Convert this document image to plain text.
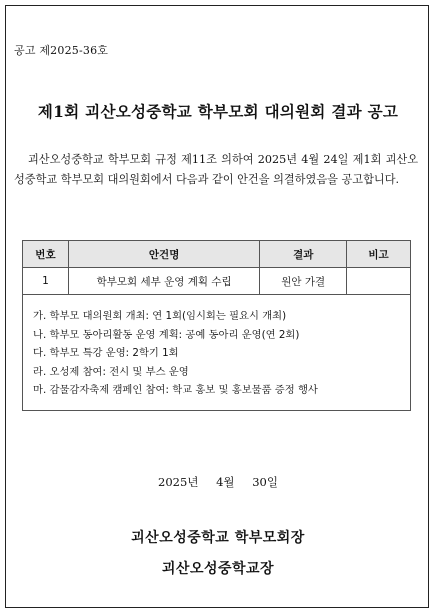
공고 제2025-36호
제1회 괴산오성중학교 학부모회 대의원회 결과 공고
괴산오성중학교 학부모회 규정 제11조 의하여 2025년 4월 24일 제1회 괴산오성중학교 학부모회 대의원회에서 다음과 같이 안건을 의결하였음을 공고합니다.
번호	안건명	결과	비고
1	학부모회 세부 운영 계획 수립	원안 가결	

가. 학부모 대의원회 개최: 연 1회(임시회는 필요시 개최)
나. 학부모 동아리활동 운영 계획: 공예 동아리 운영(연 2회)
다. 학부모 특강 운영: 2학기 1회
라. 오성제 참여: 전시 및 부스 운영
마. 감물감자축제 캠페인 참여: 학교 홍보 및 홍보물품 증정 행사			
2025년 4월 30일
괴산오성중학교 학부모회장
괴산오성중학교장
